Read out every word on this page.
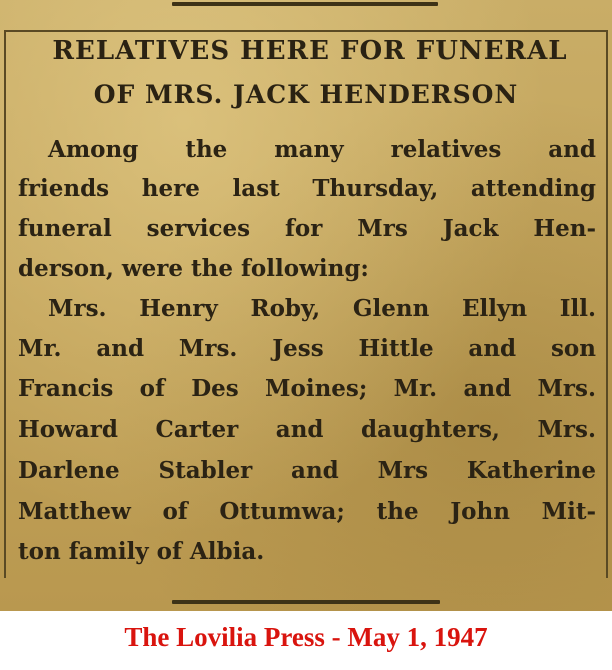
RELATIVES HERE FOR FUNERAL
OF MRS. JACK HENDERSON
Among the many relatives and
friends here last Thursday, attending
funeral services for Mrs Jack Hen-
derson, were the following:
Mrs. Henry Roby, Glenn Ellyn Ill.
Mr. and Mrs. Jess Hittle and son
Francis of Des Moines; Mr. and Mrs.
Howard Carter and daughters, Mrs.
Darlene Stabler and Mrs Katherine
Matthew of Ottumwa; the John Mit-
ton family of Albia.
The Lovilia Press - May 1, 1947
